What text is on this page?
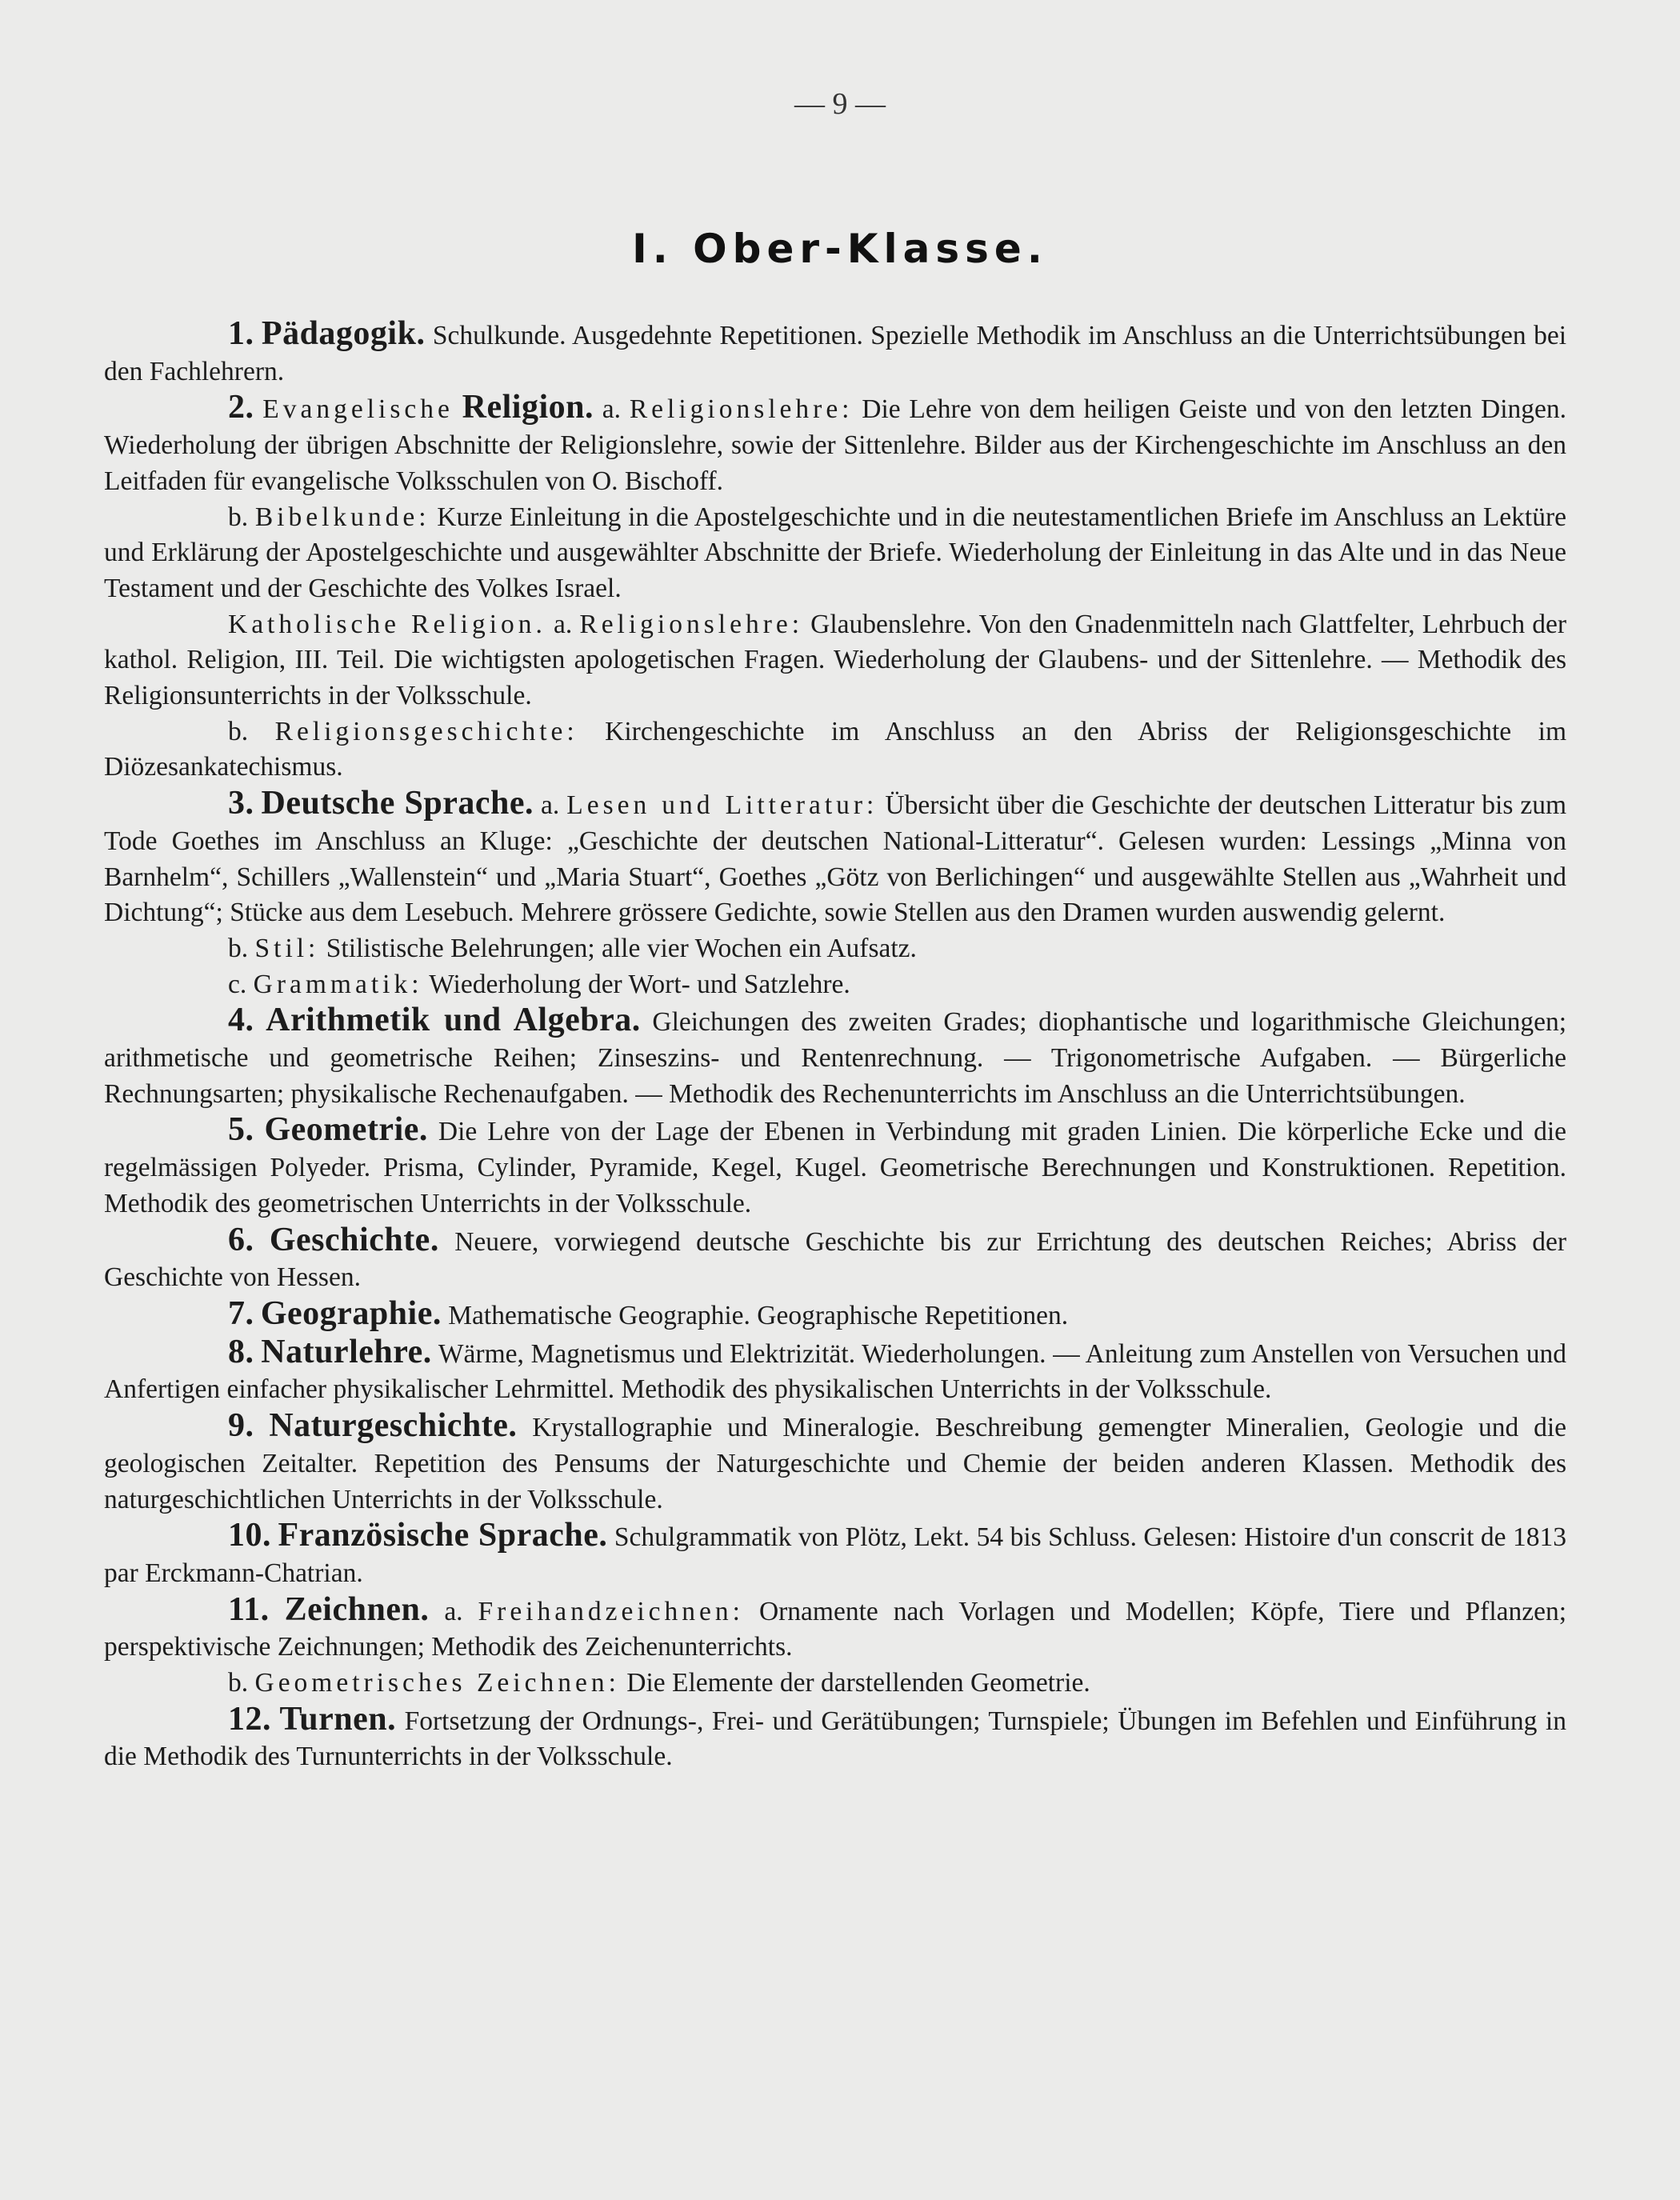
— 9 —
I. Ober-Klasse.

1. Pädagogik. Schulkunde. Ausgedehnte Repetitionen. Spezielle Methodik im Anschluss an die Unterrichtsübungen bei den Fachlehrern.

2. Evangelische Religion. a. Religionslehre: Die Lehre von dem heiligen Geiste und von den letzten Dingen. Wiederholung der übrigen Abschnitte der Religionslehre, sowie der Sittenlehre. Bilder aus der Kirchengeschichte im Anschluss an den Leitfaden für evangelische Volksschulen von O. Bischoff.

b. Bibelkunde: Kurze Einleitung in die Apostelgeschichte und in die neutestamentlichen Briefe im Anschluss an Lektüre und Erklärung der Apostelgeschichte und ausgewählter Abschnitte der Briefe. Wiederholung der Einleitung in das Alte und in das Neue Testament und der Geschichte des Volkes Israel.

Katholische Religion. a. Religionslehre: Glaubenslehre. Von den Gnadenmitteln nach Glattfelter, Lehrbuch der kathol. Religion, III. Teil. Die wichtigsten apologetischen Fragen. Wiederholung der Glaubens- und der Sittenlehre. — Methodik des Religionsunterrichts in der Volksschule.

b. Religionsgeschichte: Kirchengeschichte im Anschluss an den Abriss der Religionsgeschichte im Diözesankatechismus.

3. Deutsche Sprache. a. Lesen und Litteratur: Übersicht über die Geschichte der deutschen Litteratur bis zum Tode Goethes im Anschluss an Kluge: „Geschichte der deutschen National-Litteratur“. Gelesen wurden: Lessings „Minna von Barnhelm“, Schillers „Wallenstein“ und „Maria Stuart“, Goethes „Götz von Berlichingen“ und ausgewählte Stellen aus „Wahrheit und Dichtung“; Stücke aus dem Lesebuch. Mehrere grössere Gedichte, sowie Stellen aus den Dramen wurden auswendig gelernt.

b. Stil: Stilistische Belehrungen; alle vier Wochen ein Aufsatz.

c. Grammatik: Wiederholung der Wort- und Satzlehre.

4. Arithmetik und Algebra. Gleichungen des zweiten Grades; diophantische und logarithmische Gleichungen; arithmetische und geometrische Reihen; Zinseszins- und Rentenrechnung. — Trigonometrische Aufgaben. — Bürgerliche Rechnungsarten; physikalische Rechenaufgaben. — Methodik des Rechenunterrichts im Anschluss an die Unterrichtsübungen.

5. Geometrie. Die Lehre von der Lage der Ebenen in Verbindung mit graden Linien. Die körperliche Ecke und die regelmässigen Polyeder. Prisma, Cylinder, Pyramide, Kegel, Kugel. Geometrische Berechnungen und Konstruktionen. Repetition. Methodik des geometrischen Unterrichts in der Volksschule.

6. Geschichte. Neuere, vorwiegend deutsche Geschichte bis zur Errichtung des deutschen Reiches; Abriss der Geschichte von Hessen.

7. Geographie. Mathematische Geographie. Geographische Repetitionen.

8. Naturlehre. Wärme, Magnetismus und Elektrizität. Wiederholungen. — Anleitung zum Anstellen von Versuchen und Anfertigen einfacher physikalischer Lehrmittel. Methodik des physikalischen Unterrichts in der Volksschule.

9. Naturgeschichte. Krystallographie und Mineralogie. Beschreibung gemengter Mineralien, Geologie und die geologischen Zeitalter. Repetition des Pensums der Naturgeschichte und Chemie der beiden anderen Klassen. Methodik des naturgeschichtlichen Unterrichts in der Volksschule.

10. Französische Sprache. Schulgrammatik von Plötz, Lekt. 54 bis Schluss. Gelesen: Histoire d'un conscrit de 1813 par Erckmann-Chatrian.

11. Zeichnen. a. Freihandzeichnen: Ornamente nach Vorlagen und Modellen; Köpfe, Tiere und Pflanzen; perspektivische Zeichnungen; Methodik des Zeichenunterrichts.

b. Geometrisches Zeichnen: Die Elemente der darstellenden Geometrie.

12. Turnen. Fortsetzung der Ordnungs-, Frei- und Gerätübungen; Turnspiele; Übungen im Befehlen und Einführung in die Methodik des Turnunterrichts in der Volksschule.
